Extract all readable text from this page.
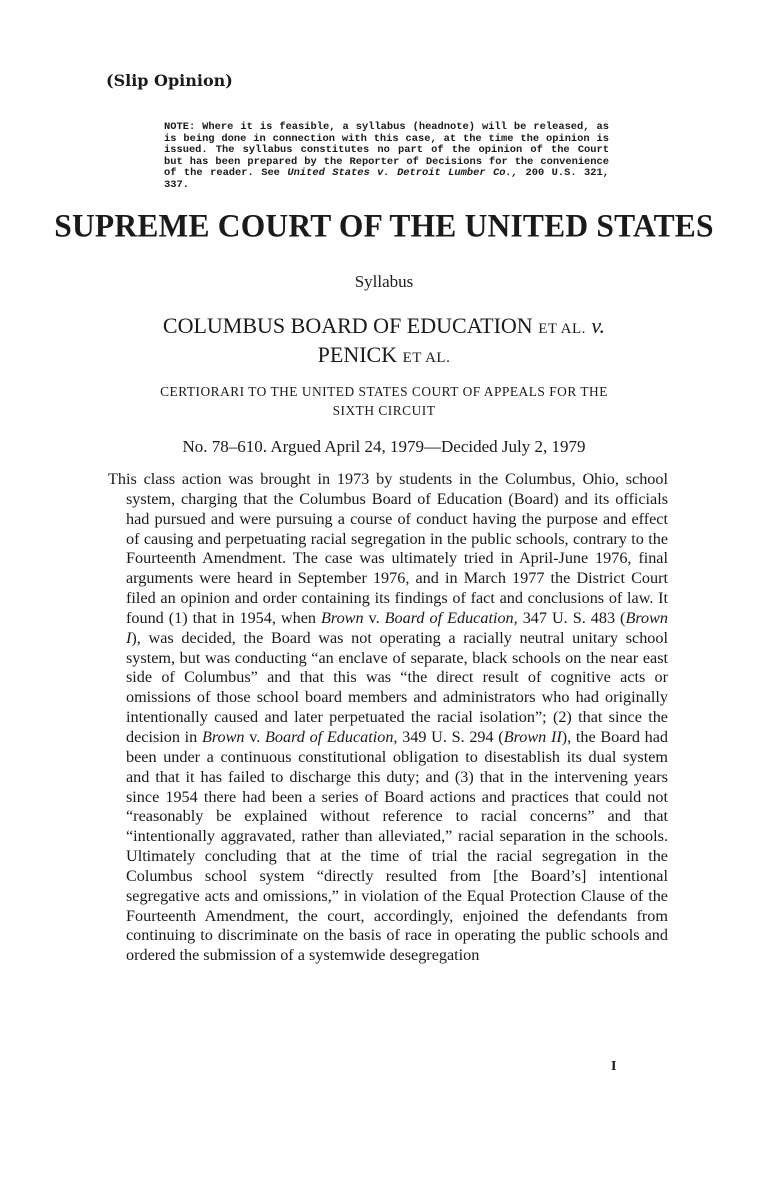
(Slip Opinion)
NOTE: Where it is feasible, a syllabus (headnote) will be released, as is being done in connection with this case, at the time the opinion is issued. The syllabus constitutes no part of the opinion of the Court but has been prepared by the Reporter of Decisions for the convenience of the reader. See United States v. Detroit Lumber Co., 200 U.S. 321, 337.
SUPREME COURT OF THE UNITED STATES
Syllabus
COLUMBUS BOARD OF EDUCATION ET AL. v.
PENICK ET AL.
CERTIORARI TO THE UNITED STATES COURT OF APPEALS FOR THE
SIXTH CIRCUIT
No. 78–610. Argued April 24, 1979—Decided July 2, 1979

This class action was brought in 1973 by students in the Columbus, Ohio, school system, charging that the Columbus Board of Education (Board) and its officials had pursued and were pursuing a course of conduct having the purpose and effect of causing and perpetuating racial segregation in the public schools, contrary to the Fourteenth Amendment. The case was ultimately tried in April-June 1976, final arguments were heard in September 1976, and in March 1977 the District Court filed an opinion and order containing its findings of fact and conclusions of law. It found (1) that in 1954, when Brown v. Board of Education, 347 U. S. 483 (Brown I), was decided, the Board was not operating a racially neutral unitary school system, but was conducting “an enclave of separate, black schools on the near east side of Columbus” and that this was “the direct result of cognitive acts or omissions of those school board members and administrators who had originally intentionally caused and later perpetuated the racial isolation”; (2) that since the decision in Brown v. Board of Education, 349 U. S. 294 (Brown II), the Board had been under a continuous constitutional obligation to disestablish its dual system and that it has failed to discharge this duty; and (3) that in the intervening years since 1954 there had been a series of Board actions and practices that could not “reasonably be explained without reference to racial concerns” and that “intentionally aggravated, rather than alleviated,” racial separation in the schools. Ultimately concluding that at the time of trial the racial segregation in the Columbus school system “directly resulted from [the Board’s] intentional segregative acts and omissions,” in violation of the Equal Protection Clause of the Fourteenth Amendment, the court, accordingly, enjoined the defendants from continuing to discriminate on the basis of race in operating the public schools and ordered the submission of a systemwide desegregation

I
